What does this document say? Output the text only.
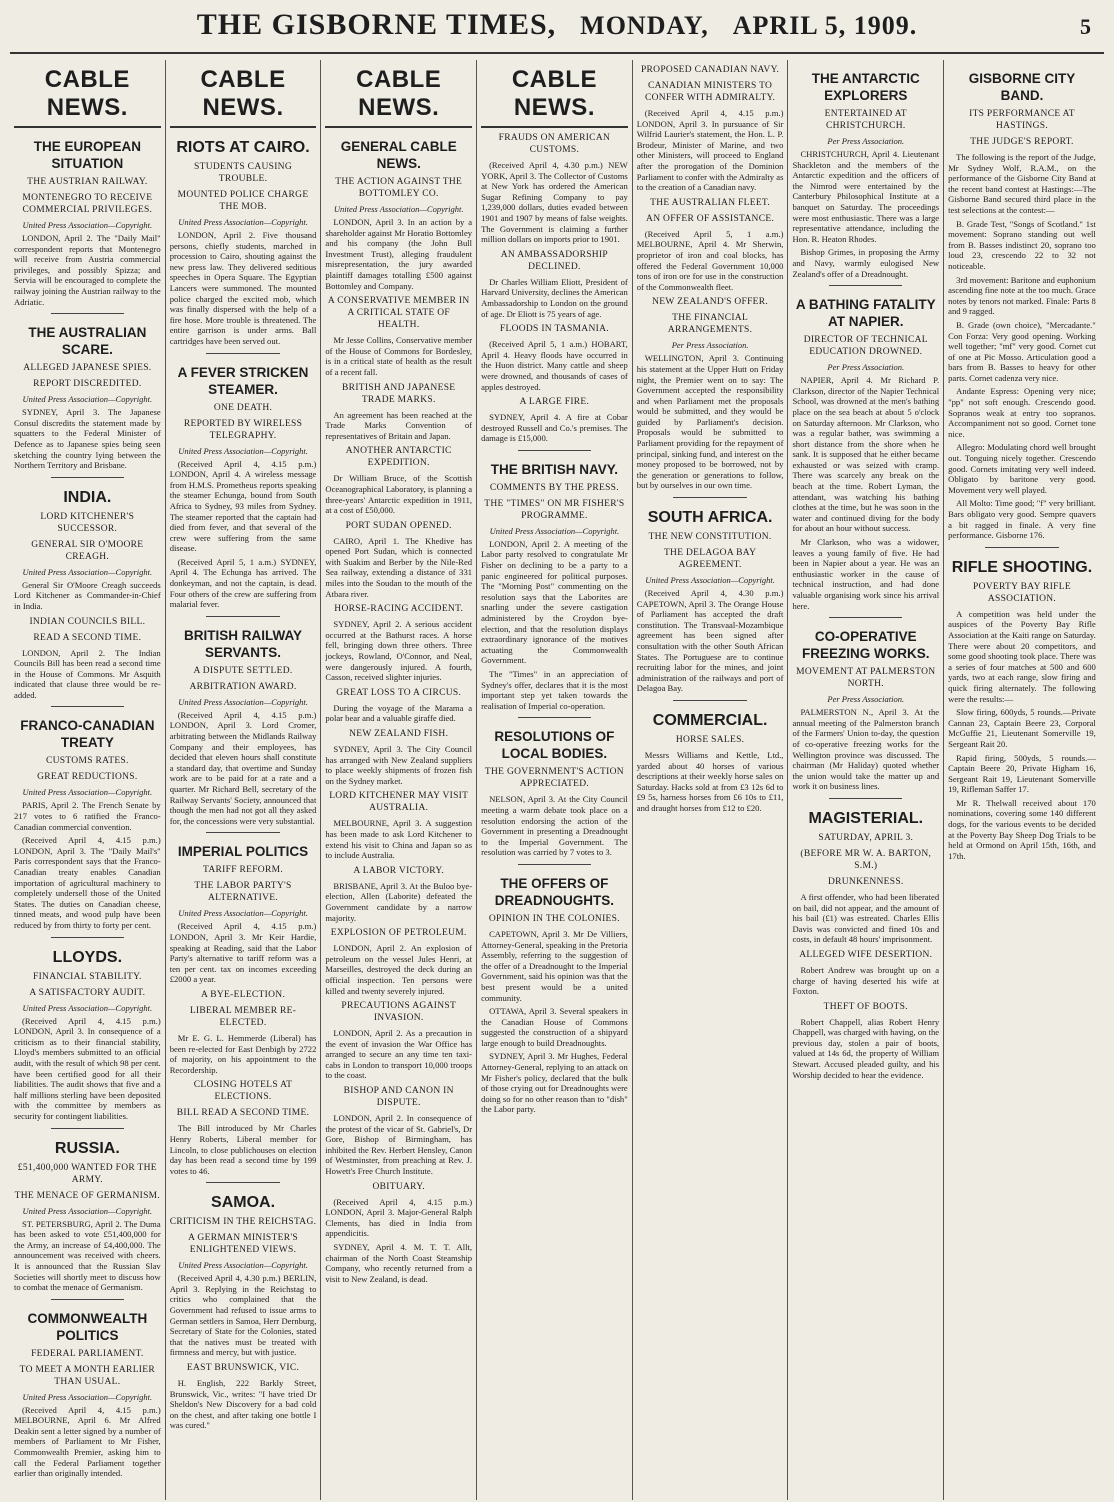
THE GISBORNE TIMES, MONDAY, APRIL 5, 1909.	5
CABLE NEWS.
THE EUROPEAN SITUATION
THE AUSTRIAN RAILWAY.
MONTENEGRO TO RECEIVE COMMERCIAL PRIVILEGES.
United Press Association—Copyright.
LONDON, April 2. The "Daily Mail" correspondent reports that Montenegro will receive from Austria commercial privileges, and possibly Spizza; and Servia will be encouraged to complete the railway joining the Austrian railway to the Adriatic.
THE AUSTRALIAN SCARE.
ALLEGED JAPANESE SPIES.
REPORT DISCREDITED.
United Press Association—Copyright.
SYDNEY, April 3. The Japanese Consul discredits the statement made by squatters to the Federal Minister of Defence as to Japanese spies being seen sketching the country lying between the Northern Territory and Brisbane.
INDIA.
LORD KITCHENER'S SUCCESSOR.
GENERAL SIR O'MOORE CREAGH.
United Press Association—Copyright.
General Sir O'Moore Creagh succeeds Lord Kitchener as Commander-in-Chief in India.
INDIAN COUNCILS BILL.
READ A SECOND TIME.
LONDON, April 2. The Indian Councils Bill has been read a second time in the House of Commons. Mr Asquith indicated that clause three would be re-added.
FRANCO-CANADIAN TREATY
CUSTOMS RATES.
GREAT REDUCTIONS.
United Press Association—Copyright.
PARIS, April 2. The French Senate by 217 votes to 6 ratified the Franco-Canadian commercial convention.
(Received April 4, 4.15 p.m.) LONDON, April 3. The "Daily Mail's" Paris correspondent says that the Franco-Canadian treaty enables Canadian importation of agricultural machinery to completely undersell those of the United States. The duties on Canadian cheese, tinned meats, and wood pulp have been reduced by from thirty to forty per cent.
LLOYDS.
FINANCIAL STABILITY.
A SATISFACTORY AUDIT.
United Press Association—Copyright.
(Received April 4, 4.15 p.m.) LONDON, April 3. In consequence of a criticism as to their financial stability, Lloyd's members submitted to an official audit, with the result of which 98 per cent. have been certified good for all their liabilities. The audit shows that five and a half millions sterling have been deposited with the committee by members as security for contingent liabilities.
RUSSIA.
£51,400,000 WANTED FOR THE ARMY.
THE MENACE OF GERMANISM.
United Press Association—Copyright.
ST. PETERSBURG, April 2. The Duma has been asked to vote £51,400,000 for the Army, an increase of £4,400,000. The announcement was received with cheers. It is announced that the Russian Slav Societies will shortly meet to discuss how to combat the menace of Germanism.
COMMONWEALTH POLITICS
FEDERAL PARLIAMENT.
TO MEET A MONTH EARLIER THAN USUAL.
United Press Association—Copyright.
(Received April 4, 4.15 p.m.) MELBOURNE, April 6. Mr Alfred Deakin sent a letter signed by a number of members of Parliament to Mr Fisher, Commonwealth Premier, asking him to call the Federal Parliament together earlier than originally intended.
CABLE NEWS.
RIOTS AT CAIRO.
STUDENTS CAUSING TROUBLE.
MOUNTED POLICE CHARGE THE MOB.
United Press Association—Copyright.
LONDON, April 2. Five thousand persons, chiefly students, marched in procession to Cairo, shouting against the new press law. They delivered seditious speeches in Opera Square. The Egyptian Lancers were summoned. The mounted police charged the excited mob, which was finally dispersed with the help of a fire hose. More trouble is threatened. The entire garrison is under arms. Ball cartridges have been served out.
A FEVER STRICKEN STEAMER.
ONE DEATH.
REPORTED BY WIRELESS TELEGRAPHY.
United Press Association—Copyright.
(Received April 4, 4.15 p.m.) LONDON, April 4. A wireless message from H.M.S. Prometheus reports speaking the steamer Echunga, bound from South Africa to Sydney, 93 miles from Sydney. The steamer reported that the captain had died from fever, and that several of the crew were suffering from the same disease.
(Received April 5, 1 a.m.) SYDNEY, April 4. The Echunga has arrived. The donkeyman, and not the captain, is dead. Four others of the crew are suffering from malarial fever.
BRITISH RAILWAY SERVANTS.
A DISPUTE SETTLED.
ARBITRATION AWARD.
United Press Association—Copyright.
(Received April 4, 4.15 p.m.) LONDON, April 3. Lord Cromer, arbitrating between the Midlands Railway Company and their employees, has decided that eleven hours shall constitute a standard day, that overtime and Sunday work are to be paid for at a rate and a quarter. Mr Richard Bell, secretary of the Railway Servants' Society, announced that though the men had not got all they asked for, the concessions were very substantial.
IMPERIAL POLITICS
TARIFF REFORM.
THE LABOR PARTY'S ALTERNATIVE.
United Press Association—Copyright.
(Received April 4, 4.15 p.m.) LONDON, April 3. Mr Keir Hardie, speaking at Reading, said that the Labor Party's alternative to tariff reform was a ten per cent. tax on incomes exceeding £2000 a year.
A BYE-ELECTION.
LIBERAL MEMBER RE-ELECTED.
Mr E. G. L. Hemmerde (Liberal) has been re-elected for East Denbigh by 2722 of majority, on his appointment to the Recordership.
CLOSING HOTELS AT ELECTIONS.
BILL READ A SECOND TIME.
The Bill introduced by Mr Charles Henry Roberts, Liberal member for Lincoln, to close publichouses on election day has been read a second time by 199 votes to 46.
SAMOA.
CRITICISM IN THE REICHSTAG.
A GERMAN MINISTER'S ENLIGHTENED VIEWS.
United Press Association—Copyright.
(Received April 4, 4.30 p.m.) BERLIN, April 3. Replying in the Reichstag to critics who complained that the Government had refused to issue arms to German settlers in Samoa, Herr Dernburg, Secretary of State for the Colonies, stated that the natives must be treated with firmness and mercy, but with justice.
EAST BRUNSWICK, VIC.
H. English, 222 Barkly Street, Brunswick, Vic., writes: "I have tried Dr Sheldon's New Discovery for a bad cold on the chest, and after taking one bottle I was cured."
CABLE NEWS.
GENERAL CABLE NEWS.
THE ACTION AGAINST THE BOTTOMLEY CO.
United Press Association—Copyright.
LONDON, April 3. In an action by a shareholder against Mr Horatio Bottomley and his company (the John Bull Investment Trust), alleging fraudulent misrepresentation, the jury awarded plaintiff damages totalling £500 against Bottomley and Company.
A CONSERVATIVE MEMBER IN A CRITICAL STATE OF HEALTH.
Mr Jesse Collins, Conservative member of the House of Commons for Bordesley, is in a critical state of health as the result of a recent fall.
BRITISH AND JAPANESE TRADE MARKS.
An agreement has been reached at the Trade Marks Convention of representatives of Britain and Japan.
ANOTHER ANTARCTIC EXPEDITION.
Dr William Bruce, of the Scottish Oceanographical Laboratory, is planning a three-years' Antarctic expedition in 1911, at a cost of £50,000.
PORT SUDAN OPENED.
CAIRO, April 1. The Khedive has opened Port Sudan, which is connected with Suakim and Berber by the Nile-Red Sea railway, extending a distance of 331 miles into the Soudan to the mouth of the Atbara river.
HORSE-RACING ACCIDENT.
SYDNEY, April 2. A serious accident occurred at the Bathurst races. A horse fell, bringing down three others. Three jockeys, Rowland, O'Connor, and Neal, were dangerously injured. A fourth, Casson, received slighter injuries.
GREAT LOSS TO A CIRCUS.
During the voyage of the Marama a polar bear and a valuable giraffe died.
NEW ZEALAND FISH.
SYDNEY, April 3. The City Council has arranged with New Zealand suppliers to place weekly shipments of frozen fish on the Sydney market.
LORD KITCHENER MAY VISIT AUSTRALIA.
MELBOURNE, April 3. A suggestion has been made to ask Lord Kitchener to extend his visit to China and Japan so as to include Australia.
A LABOR VICTORY.
BRISBANE, April 3. At the Buloo bye-election, Allen (Laborite) defeated the Government candidate by a narrow majority.
EXPLOSION OF PETROLEUM.
LONDON, April 2. An explosion of petroleum on the vessel Jules Henri, at Marseilles, destroyed the deck during an official inspection. Ten persons were killed and twenty severely injured.
PRECAUTIONS AGAINST INVASION.
LONDON, April 2. As a precaution in the event of invasion the War Office has arranged to secure an any time ten taxi-cabs in London to transport 10,000 troops to the coast.
BISHOP AND CANON IN DISPUTE.
LONDON, April 2. In consequence of the protest of the vicar of St. Gabriel's, Dr Gore, Bishop of Birmingham, has inhibited the Rev. Herbert Hensley, Canon of Westminster, from preaching at Rev. J. Howett's Free Church Institute.
OBITUARY.
(Received April 4, 4.15 p.m.) LONDON, April 3. Major-General Ralph Clements, has died in India from appendicitis.
SYDNEY, April 4. M. T. T. Allt, chairman of the North Coast Steamship Company, who recently returned from a visit to New Zealand, is dead.
CABLE NEWS.
FRAUDS ON AMERICAN CUSTOMS.
(Received April 4, 4.30 p.m.) NEW YORK, April 3. The Collector of Customs at New York has ordered the American Sugar Refining Company to pay 1,239,000 dollars, duties evaded between 1901 and 1907 by means of false weights. The Government is claiming a further million dollars on imports prior to 1901.
AN AMBASSADORSHIP DECLINED.
Dr Charles William Eliott, President of Harvard University, declines the American Ambassadorship to London on the ground of age. Dr Eliott is 75 years of age.
FLOODS IN TASMANIA.
(Received April 5, 1 a.m.) HOBART, April 4. Heavy floods have occurred in the Huon district. Many cattle and sheep were drowned, and thousands of cases of apples destroyed.
A LARGE FIRE.
SYDNEY, April 4. A fire at Cobar destroyed Russell and Co.'s premises. The damage is £15,000.
THE BRITISH NAVY.
COMMENTS BY THE PRESS.
THE "TIMES" ON MR FISHER'S PROGRAMME.
United Press Association—Copyright.
LONDON, April 2. A meeting of the Labor party resolved to congratulate Mr Fisher on declining to be a party to a panic engineered for political purposes. The "Morning Post" commenting on the resolution says that the Laborites are snarling under the severe castigation administered by the Croydon bye-election, and that the resolution displays extraordinary ignorance of the motives actuating the Commonwealth Government.
The "Times" in an appreciation of Sydney's offer, declares that it is the most important step yet taken towards the realisation of Imperial co-operation.
RESOLUTIONS OF LOCAL BODIES.
THE GOVERNMENT'S ACTION APPRECIATED.
NELSON, April 3. At the City Council meeting a warm debate took place on a resolution endorsing the action of the Government in presenting a Dreadnought to the Imperial Government. The resolution was carried by 7 votes to 3.
THE OFFERS OF DREADNOUGHTS.
OPINION IN THE COLONIES.
CAPETOWN, April 3. Mr De Villiers, Attorney-General, speaking in the Pretoria Assembly, referring to the suggestion of the offer of a Dreadnought to the Imperial Government, said his opinion was that the best present would be a united community.
OTTAWA, April 3. Several speakers in the Canadian House of Commons suggested the construction of a shipyard large enough to build Dreadnoughts.
SYDNEY, April 3. Mr Hughes, Federal Attorney-General, replying to an attack on Mr Fisher's policy, declared that the bulk of those crying out for Dreadnoughts were doing so for no other reason than to "dish" the Labor party.
PROPOSED CANADIAN NAVY.
CANADIAN MINISTERS TO CONFER WITH ADMIRALTY.
(Received April 4, 4.15 p.m.) LONDON, April 3. In pursuance of Sir Wilfrid Laurier's statement, the Hon. L. P. Brodeur, Minister of Marine, and two other Ministers, will proceed to England after the prorogation of the Dominion Parliament to confer with the Admiralty as to the creation of a Canadian navy.
THE AUSTRALIAN FLEET.
AN OFFER OF ASSISTANCE.
(Received April 5, 1 a.m.) MELBOURNE, April 4. Mr Sherwin, proprietor of iron and coal blocks, has offered the Federal Government 10,000 tons of iron ore for use in the construction of the Commonwealth fleet.
NEW ZEALAND'S OFFER.
THE FINANCIAL ARRANGEMENTS.
Per Press Association.
WELLINGTON, April 3. Continuing his statement at the Upper Hutt on Friday night, the Premier went on to say: The Government accepted the responsibility and when Parliament met the proposals would be submitted, and they would be guided by Parliament's decision. Proposals would be submitted to Parliament providing for the repayment of principal, sinking fund, and interest on the money proposed to be borrowed, not by the generation or generations to follow, but by ourselves in our own time.
SOUTH AFRICA.
THE NEW CONSTITUTION.
THE DELAGOA BAY AGREEMENT.
United Press Association—Copyright.
(Received April 4, 4.30 p.m.) CAPETOWN, April 3. The Orange House of Parliament has accepted the draft constitution. The Transvaal-Mozambique agreement has been signed after consultation with the other South African States. The Portuguese are to continue recruiting labor for the mines, and joint administration of the railways and port of Delagoa Bay.
COMMERCIAL.
HORSE SALES.
Messrs Williams and Kettle, Ltd., yarded about 40 horses of various descriptions at their weekly horse sales on Saturday. Hacks sold at from £3 12s 6d to £9 5s, harness horses from £6 10s to £11, and draught horses from £12 to £20.
THE ANTARCTIC EXPLORERS
ENTERTAINED AT CHRISTCHURCH.
Per Press Association.
CHRISTCHURCH, April 4. Lieutenant Shackleton and the members of the Antarctic expedition and the officers of the Nimrod were entertained by the Canterbury Philosophical Institute at a banquet on Saturday. The proceedings were most enthusiastic. There was a large representative attendance, including the Hon. R. Heaton Rhodes.
Bishop Grimes, in proposing the Army and Navy, warmly eulogised New Zealand's offer of a Dreadnought.
A BATHING FATALITY AT NAPIER.
DIRECTOR OF TECHNICAL EDUCATION DROWNED.
Per Press Association.
NAPIER, April 4. Mr Richard P. Clarkson, director of the Napier Technical School, was drowned at the men's bathing place on the sea beach at about 5 o'clock on Saturday afternoon. Mr Clarkson, who was a regular bather, was swimming a short distance from the shore when he sank. It is supposed that he either became exhausted or was seized with cramp. There was scarcely any break on the beach at the time. Robert Lyman, the attendant, was watching his bathing clothes at the time, but he was soon in the water and continued diving for the body for about an hour without success.
Mr Clarkson, who was a widower, leaves a young family of five. He had been in Napier about a year. He was an enthusiastic worker in the cause of technical instruction, and had done valuable organising work since his arrival here.
CO-OPERATIVE FREEZING WORKS.
MOVEMENT AT PALMERSTON NORTH.
Per Press Association.
PALMERSTON N., April 3. At the annual meeting of the Palmerston branch of the Farmers' Union to-day, the question of co-operative freezing works for the Wellington province was discussed. The chairman (Mr Haliday) quoted whether the union would take the matter up and work it on business lines.
MAGISTERIAL.
SATURDAY, APRIL 3.
(BEFORE MR W. A. BARTON, S.M.)
DRUNKENNESS.
A first offender, who had been liberated on bail, did not appear, and the amount of his bail (£1) was estreated. Charles Ellis Davis was convicted and fined 10s and costs, in default 48 hours' imprisonment.
ALLEGED WIFE DESERTION.
Robert Andrew was brought up on a charge of having deserted his wife at Foxton.
THEFT OF BOOTS.
Robert Chappell, alias Robert Henry Chappell, was charged with having, on the previous day, stolen a pair of boots, valued at 14s 6d, the property of William Stewart. Accused pleaded guilty, and his Worship decided to hear the evidence.
GISBORNE CITY BAND.
ITS PERFORMANCE AT HASTINGS.
THE JUDGE'S REPORT.
The following is the report of the Judge, Mr Sydney Wolf, R.A.M., on the performance of the Gisborne City Band at the recent band contest at Hastings:—The Gisborne Band secured third place in the test selections at the contest:—
B. Grade Test, "Songs of Scotland." 1st movement: Soprano standing out well from B. Basses indistinct 20, soprano too loud 23, crescendo 22 to 32 not noticeable.
3rd movement: Baritone and euphonium ascending fine note at the too much. Grace notes by tenors not marked. Finale: Parts 8 and 9 ragged.
B. Grade (own choice), "Mercadante." Con Forza: Very good opening. Working well together; "mf" very good. Cornet cut of one at Pic Mosso. Articulation good a bars from B. Basses to heavy for other parts. Cornet cadenza very nice.
Andante Espress: Opening very nice; "pp" not soft enough. Crescendo good. Sopranos weak at entry too sopranos. Accompaniment not so good. Cornet tone nice.
Allegro: Modulating chord well brought out. Tonguing nicely together. Crescendo good. Cornets imitating very well indeed. Obligato by baritone very good. Movement very well played.
All Molto: Time good; "f" very brilliant. Bars obligato very good. Sempre quavers a bit ragged in finale. A very fine performance. Gisborne 176.
RIFLE SHOOTING.
POVERTY BAY RIFLE ASSOCIATION.
A competition was held under the auspices of the Poverty Bay Rifle Association at the Kaiti range on Saturday. There were about 20 competitors, and some good shooting took place. There was a series of four matches at 500 and 600 yards, two at each range, slow firing and quick firing alternately. The following were the results:—
Slow firing, 600yds, 5 rounds.—Private Cannan 23, Captain Beere 23, Corporal McGuffie 21, Lieutenant Somerville 19, Sergeant Rait 20.
Rapid firing, 500yds, 5 rounds.—Captain Beere 20, Private Higham 16, Sergeant Rait 19, Lieutenant Somerville 19, Rifleman Saffer 17.
Mr R. Thelwall received about 170 nominations, covering some 140 different dogs, for the various events to be decided at the Poverty Bay Sheep Dog Trials to be held at Ormond on April 15th, 16th, and 17th.
